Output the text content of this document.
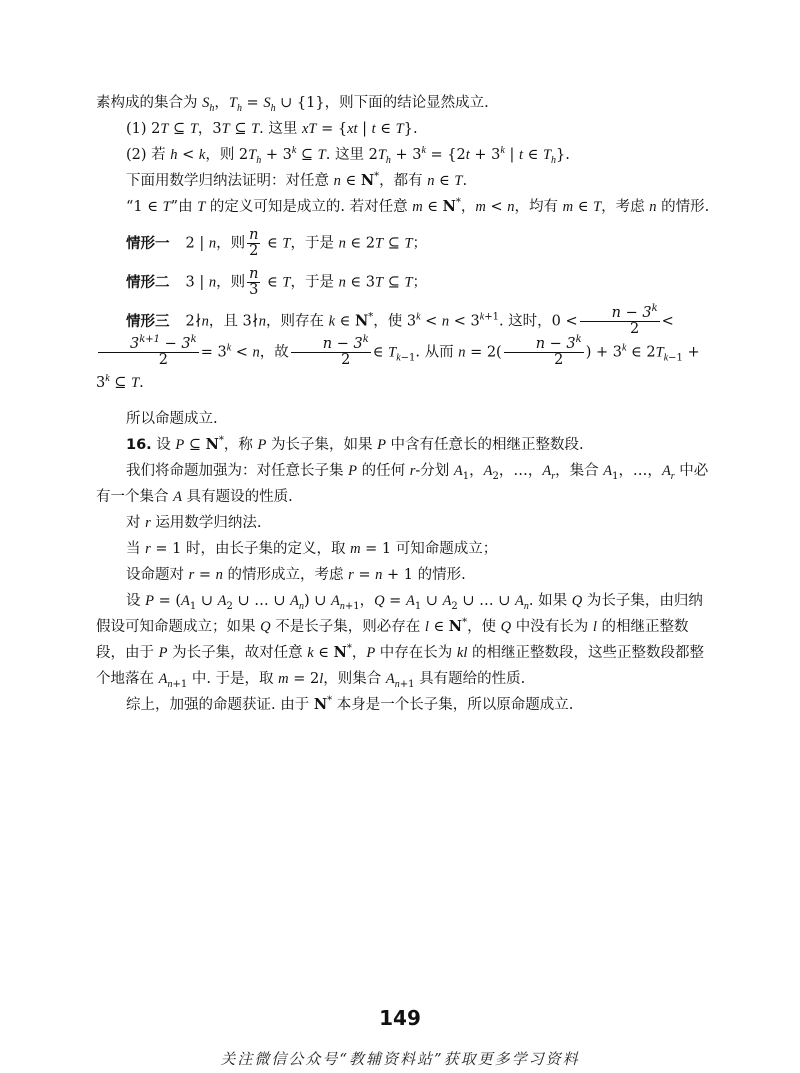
素构成的集合为 $S_h$，$T_h = S_h$ ∪ {1}，则下面的结论显然成立.

(1) 2T ⊆ T，3T ⊆ T. 这里 xT = {xt | t ∈ T}.

(2) 若 h < k，则 $2T_h + 3^k$ ⊆ T. 这里 $2T_h + 3^k = \{2t + 3^k$ | t ∈ $T_h$}.

下面用数学归纳法证明：对任意 n ∈ N*，都有 n ∈ T.

“1 ∈ T”由 T 的定义可知是成立的. 若对任意 m ∈ N*，m < n，均有 m ∈ T，考虑 n 的情形.

情形一 2 | n，则 $\frac{n}{2}$ ∈ T，于是 n ∈ 2T ⊆ T；

情形二 3 | n，则 $\frac{n}{3}$ ∈ T，于是 n ∈ 3T ⊆ T；

情形三 2∤n，且 3∤n，则存在 k ∈ N*，使 $3^k < n < 3^{k+1}$. 这时，$0 < \frac{n - 3^k}{2}$ <
$\frac{3^{k+1} - 3^k}{2} = 3^k < n$，故 $\frac{n - 3^k}{2}$ ∈ $T_{k-1}$. 从而 $n = 2( \frac{n - 3^k}{2}$ ) + $3^k$ ∈ $2T_{k-1} + 3^k$ ⊆ T.

所以命题成立.

16. 设 P ⊆ N*，称 P 为长子集，如果 P 中含有任意长的相继正整数段.

我们将命题加强为：对任意长子集 P 的任何 r-分划 $A_1$，$A_2$，…，$A_r$，集合 $A_1$，…，$A_r$ 中必有一个集合 A 具有题设的性质.

对 r 运用数学归纳法.

当 r = 1 时，由长子集的定义，取 m = 1 可知命题成立；

设命题对 r = n 的情形成立，考虑 r = n + 1 的情形.

设 $P = (A_1$ ∪ $A_2$ ∪ … ∪ $A_n$) ∪ $A_{n+1}$，$Q = A_1$ ∪ $A_2$ ∪ … ∪ $A_n$. 如果 Q 为长子集，由归纳假设可知命题成立；如果 Q 不是长子集，则必存在 l ∈ N*，使 Q 中没有长为 l 的相继正整数段，由于 P 为长子集，故对任意 k ∈ N*，P 中存在长为 kl 的相继正整数段，这些正整数段都整个地落在 $A_{n+1}$ 中. 于是，取 m = 2l，则集合 $A_{n+1}$ 具有题给的性质.

综上，加强的命题获证. 由于 N* 本身是一个长子集，所以原命题成立.

149
关注微信公众号“教辅资料站”获取更多学习资料
